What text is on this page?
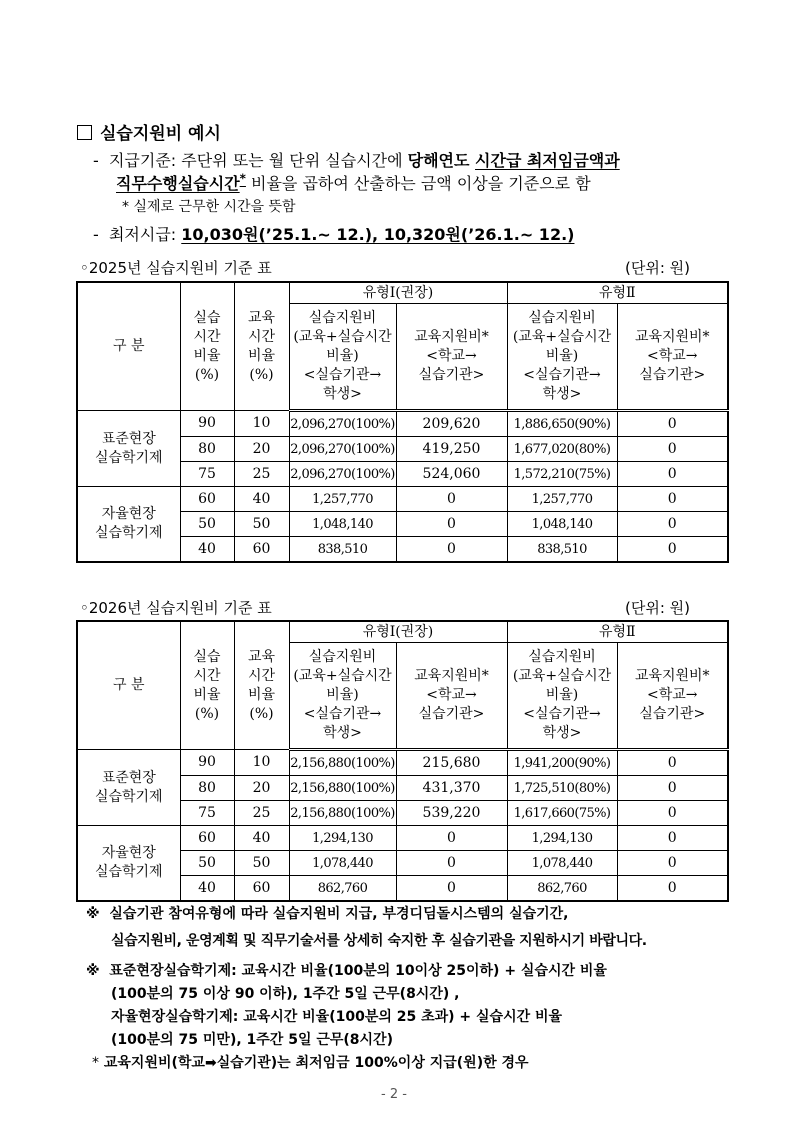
실습지원비 예시
- 지급기준: 주단위 또는 월 단위 실습시간에 당해연도 시간급 최저임금액과
직무수행실습시간* 비율을 곱하여 산출하는 금액 이상을 기준으로 함
* 실제로 근무한 시간을 뜻함
- 최저시급: 10,030원(’25.1.~ 12.), 10,320원(’26.1.~ 12.)
◦2025년 실습지원비 기준 표	(단위: 원)
구 분	실습
시간
비율
(%)	교육
시간
비율
(%)	유형Ⅰ(권장)		유형Ⅱ	
			실습지원비
(교육+실습시간
비율)
<실습기관→
학생>	교육지원비*
<학교→
실습기관>	실습지원비
(교육+실습시간
비율)
<실습기관→
학생>	교육지원비*
<학교→
실습기관>
표준현장
실습학기제	90	10	2,096,270(100%)	209,620	1,886,650(90%)	0
	80	20	2,096,270(100%)	419,250	1,677,020(80%)	0
	75	25	2,096,270(100%)	524,060	1,572,210(75%)	0
자율현장
실습학기제	60	40	1,257,770	0	1,257,770	0
	50	50	1,048,140	0	1,048,140	0
	40	60	838,510	0	838,510	0
◦2026년 실습지원비 기준 표	(단위: 원)
구 분	실습
시간
비율
(%)	교육
시간
비율
(%)	유형Ⅰ(권장)		유형Ⅱ	
			실습지원비
(교육+실습시간
비율)
<실습기관→
학생>	교육지원비*
<학교→
실습기관>	실습지원비
(교육+실습시간
비율)
<실습기관→
학생>	교육지원비*
<학교→
실습기관>
표준현장
실습학기제	90	10	2,156,880(100%)	215,680	1,941,200(90%)	0
	80	20	2,156,880(100%)	431,370	1,725,510(80%)	0
	75	25	2,156,880(100%)	539,220	1,617,660(75%)	0
자율현장
실습학기제	60	40	1,294,130	0	1,294,130	0
	50	50	1,078,440	0	1,078,440	0
	40	60	862,760	0	862,760	0
※ 실습기관 참여유형에 따라 실습지원비 지급, 부경디딤돌시스템의 실습기간,
실습지원비, 운영계획 및 직무기술서를 상세히 숙지한 후 실습기관을 지원하시기 바랍니다.
※ 표준현장실습학기제: 교육시간 비율(100분의 10이상 25이하) + 실습시간 비율
(100분의 75 이상 90 이하), 1주간 5일 근무(8시간) ,
자율현장실습학기제: 교육시간 비율(100분의 25 초과) + 실습시간 비율
(100분의 75 미만), 1주간 5일 근무(8시간)
* 교육지원비(학교➡실습기관)는 최저임금 100%이상 지급(원)한 경우
- 2 -
